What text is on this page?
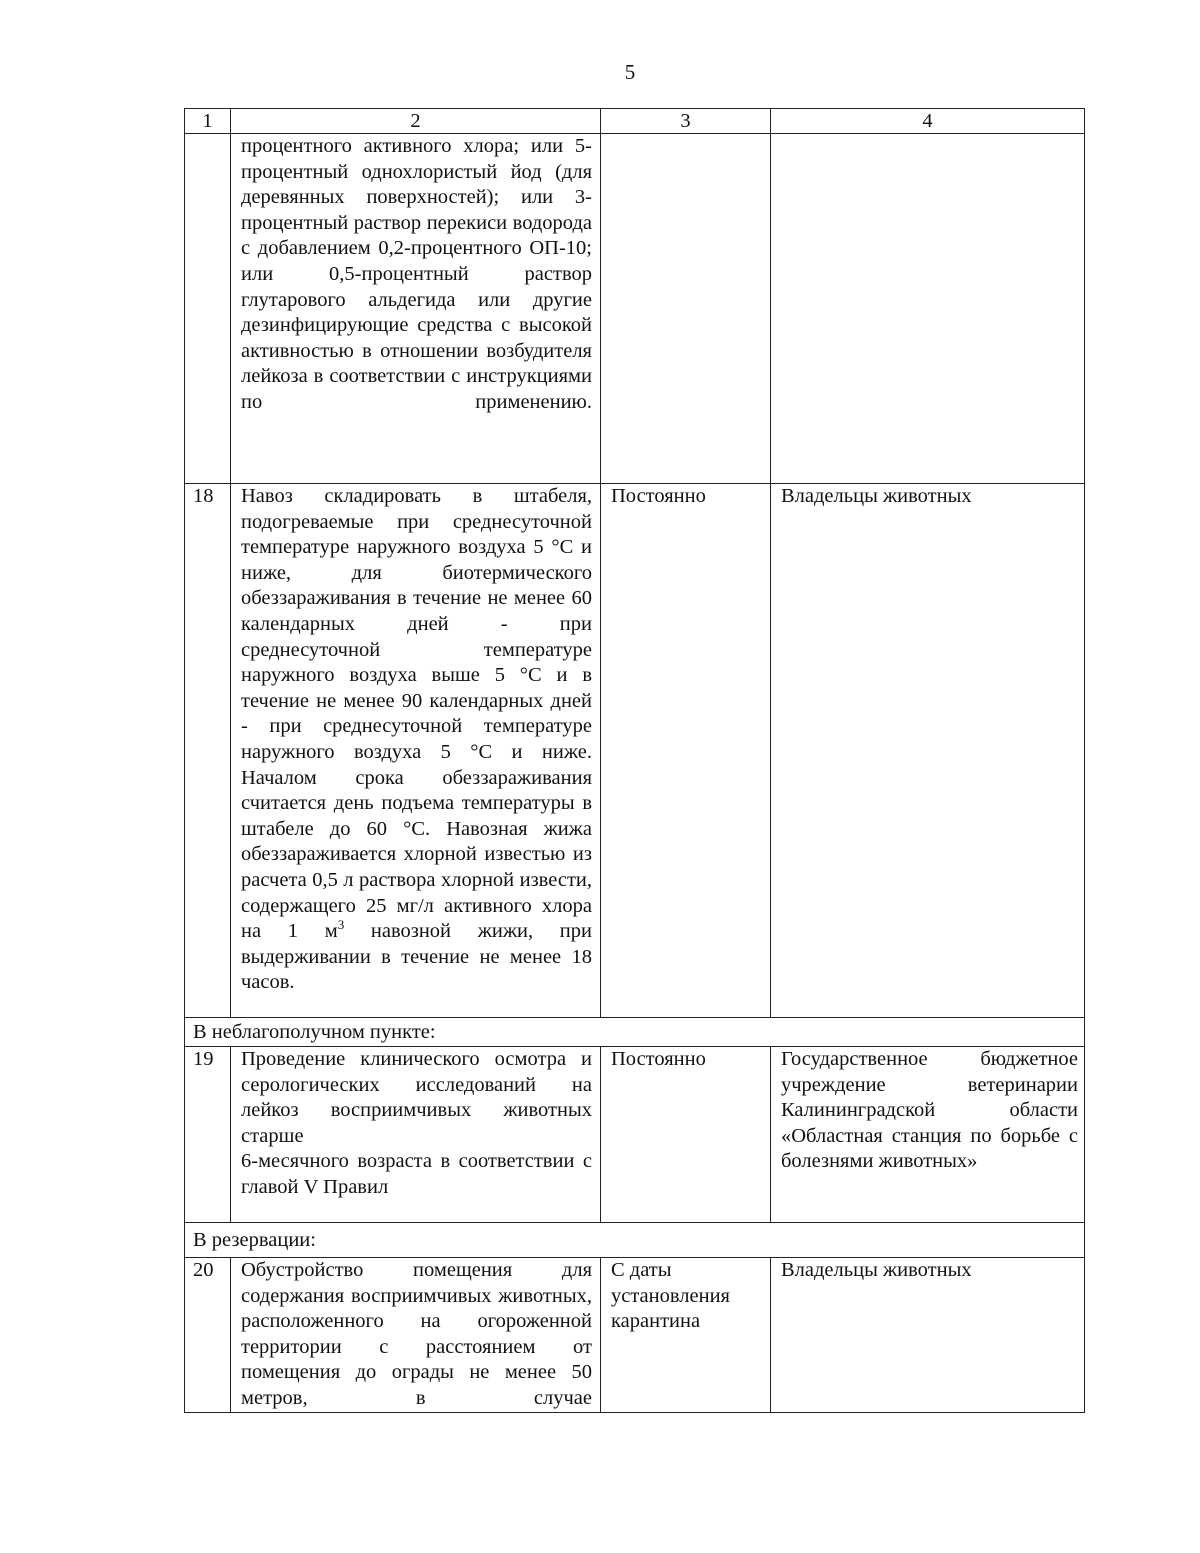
5
1	2	3	4

	процентного активного хлора; или 5-процентный однохлористый йод (для деревянных поверхностей); или 3-процентный раствор перекиси водорода с добавлением 0,2-процентного ОП-10; или 0,5-процентный раствор глутарового альдегида или другие дезинфицирующие средства с высокой активностью в отношении возбудителя лейкоза в соответствии с инструкциями по применению.		

18	Навоз складировать в штабеля, подогреваемые при среднесуточной температуре наружного воздуха 5 °С и ниже, для биотермического обеззараживания в течение не менее 60 календарных дней - при среднесуточной температуре наружного воздуха выше 5 °С и в течение не менее 90 календарных дней - при среднесуточной температуре наружного воздуха 5 °С и ниже. Началом срока обеззараживания считается день подъема температуры в штабеле до 60 °С. Навозная жижа обеззараживается хлорной известью из расчета 0,5 л раствора хлорной извести, содержащего 25 мг/л активного хлора на 1 $м^3$ навозной жижи, при выдерживании в течение не менее 18 часов.	Постоянно	Владельцы животных
В неблагополучном пункте:			
19	Проведение клинического осмотра и серологических исследований на лейкоз восприимчивых животных старше
6-месячного возраста в соответствии с главой V Правил	Постоянно	Государственное бюджетное учреждение ветеринарии Калининградской области «Областная станция по борьбе с болезнями животных»

В резервации:			
20	Обустройство помещения для содержания восприимчивых животных, расположенного на огороженной территории с расстоянием от помещения до ограды не менее 50 метров, в случае	С даты установления карантина	Владельцы животных
